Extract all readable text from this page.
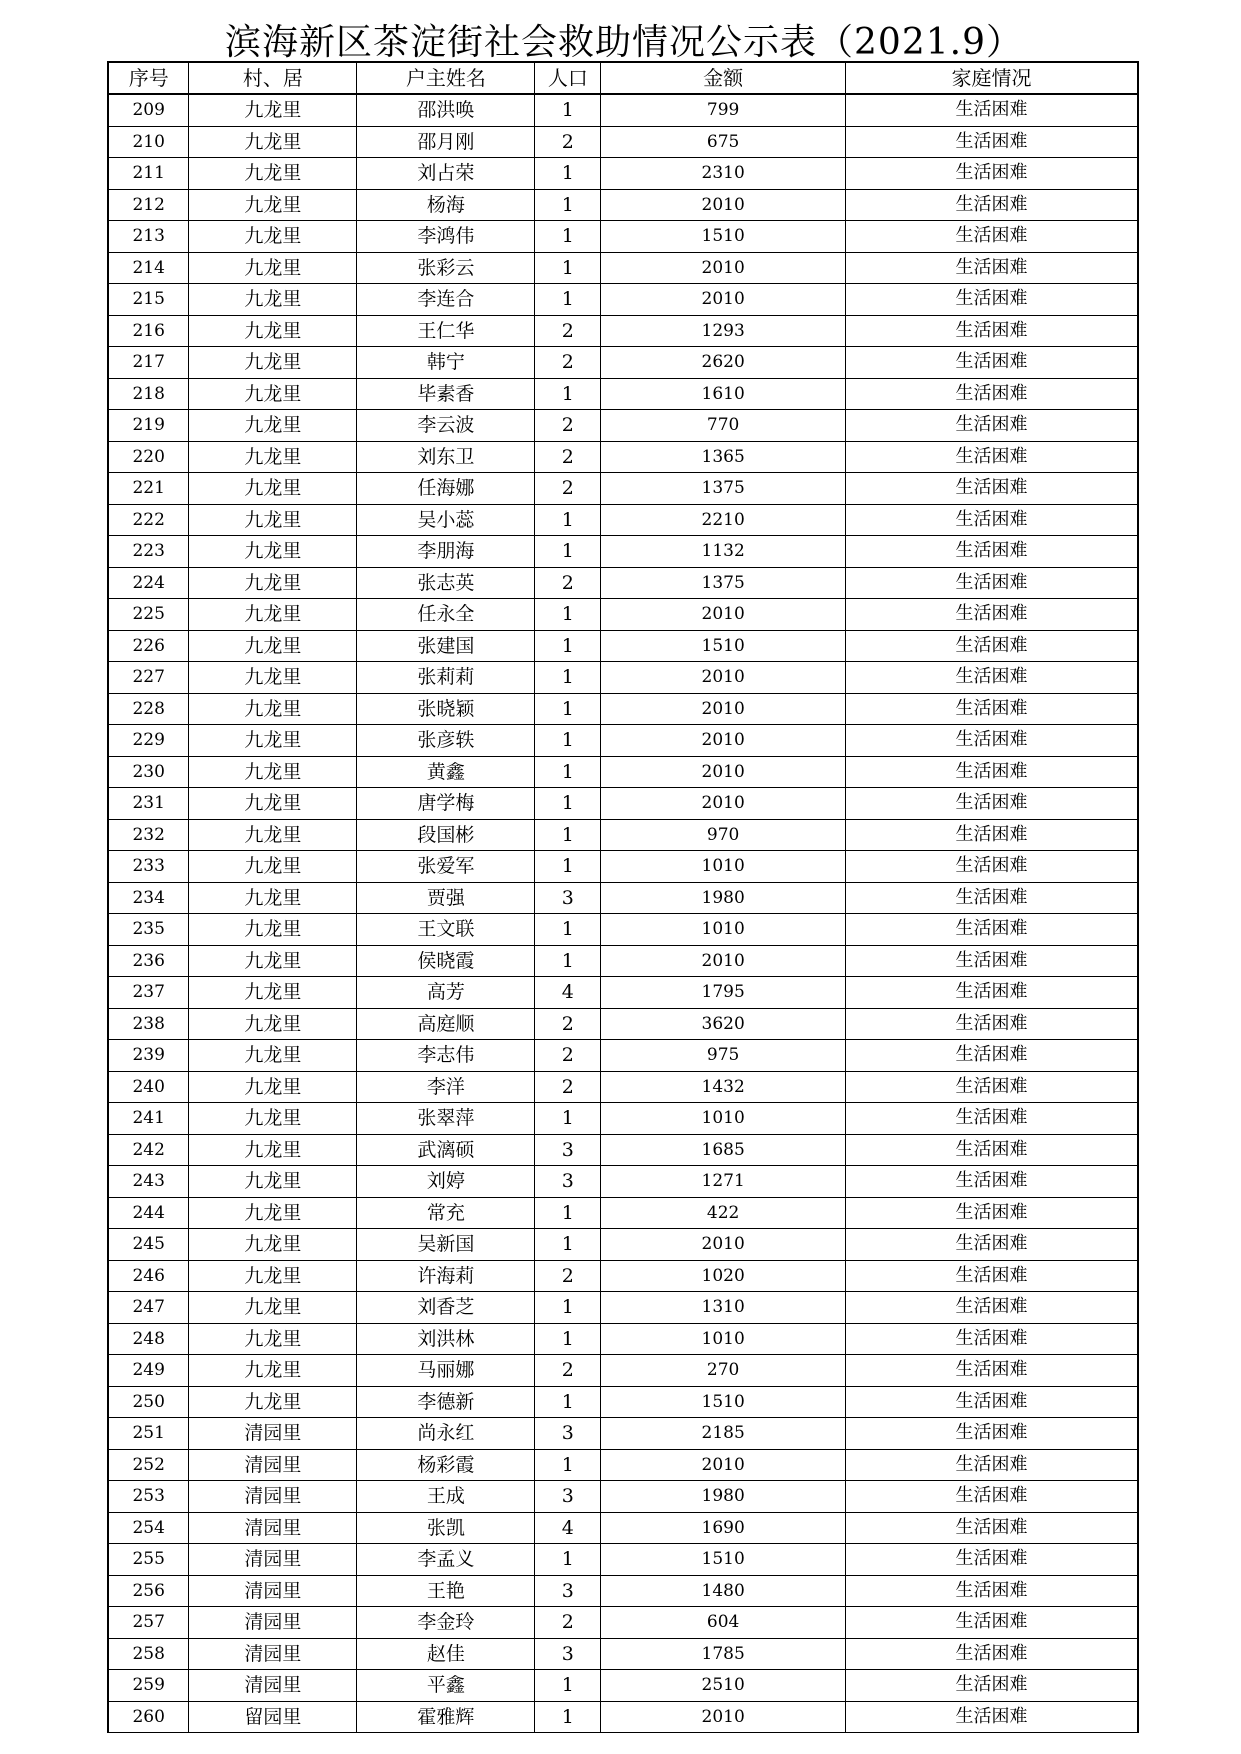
滨海新区茶淀街社会救助情况公示表（2021.9）
序号	村、居	户主姓名	人口	金额	家庭情况
209	九龙里	邵洪唤	1	799	生活困难
210	九龙里	邵月刚	2	675	生活困难
211	九龙里	刘占荣	1	2310	生活困难
212	九龙里	杨海	1	2010	生活困难
213	九龙里	李鸿伟	1	1510	生活困难
214	九龙里	张彩云	1	2010	生活困难
215	九龙里	李连合	1	2010	生活困难
216	九龙里	王仁华	2	1293	生活困难
217	九龙里	韩宁	2	2620	生活困难
218	九龙里	毕素香	1	1610	生活困难
219	九龙里	李云波	2	770	生活困难
220	九龙里	刘东卫	2	1365	生活困难
221	九龙里	任海娜	2	1375	生活困难
222	九龙里	吴小蕊	1	2210	生活困难
223	九龙里	李朋海	1	1132	生活困难
224	九龙里	张志英	2	1375	生活困难
225	九龙里	任永全	1	2010	生活困难
226	九龙里	张建国	1	1510	生活困难
227	九龙里	张莉莉	1	2010	生活困难
228	九龙里	张晓颖	1	2010	生活困难
229	九龙里	张彦轶	1	2010	生活困难
230	九龙里	黄鑫	1	2010	生活困难
231	九龙里	唐学梅	1	2010	生活困难
232	九龙里	段国彬	1	970	生活困难
233	九龙里	张爱军	1	1010	生活困难
234	九龙里	贾强	3	1980	生活困难
235	九龙里	王文联	1	1010	生活困难
236	九龙里	侯晓霞	1	2010	生活困难
237	九龙里	高芳	4	1795	生活困难
238	九龙里	高庭顺	2	3620	生活困难
239	九龙里	李志伟	2	975	生活困难
240	九龙里	李洋	2	1432	生活困难
241	九龙里	张翠萍	1	1010	生活困难
242	九龙里	武漓硕	3	1685	生活困难
243	九龙里	刘婷	3	1271	生活困难
244	九龙里	常充	1	422	生活困难
245	九龙里	吴新国	1	2010	生活困难
246	九龙里	许海莉	2	1020	生活困难
247	九龙里	刘香芝	1	1310	生活困难
248	九龙里	刘洪林	1	1010	生活困难
249	九龙里	马丽娜	2	270	生活困难
250	九龙里	李德新	1	1510	生活困难
251	清园里	尚永红	3	2185	生活困难
252	清园里	杨彩霞	1	2010	生活困难
253	清园里	王成	3	1980	生活困难
254	清园里	张凯	4	1690	生活困难
255	清园里	李孟义	1	1510	生活困难
256	清园里	王艳	3	1480	生活困难
257	清园里	李金玲	2	604	生活困难
258	清园里	赵佳	3	1785	生活困难
259	清园里	平鑫	1	2510	生活困难
260	留园里	霍雅辉	1	2010	生活困难
